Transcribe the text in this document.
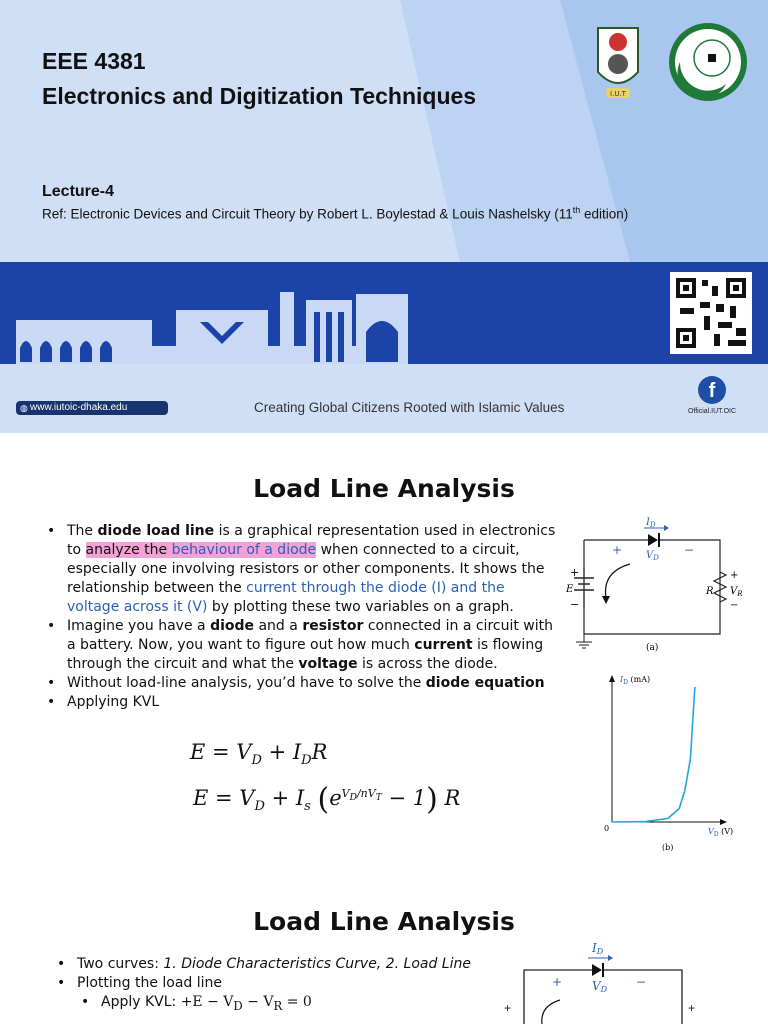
EEE 4381
Electronics and Digitization Techniques
Lecture-4
Ref: Electronic Devices and Circuit Theory by Robert L. Boylestad & Louis Nashelsky (11th edition)
I.U.T
◍ www.iutoic-dhaka.edu	Creating Global Citizens Rooted with Islamic Values
f
Official.IUT.OIC
Load Line Analysis
• The diode load line is a graphical representation used in electronics to analyze the behaviour of a diode when connected to a circuit, especially one involving resistors or other components. It shows the relationship between the current through the diode (I) and the voltage across it (V) by plotting these two variables on a graph.
• Imagine you have a diode and a resistor connected in a circuit with a battery. Now, you want to figure out how much current is flowing through the circuit and what the voltage is across the diode.
• Without load-line analysis, you’d have to solve the diode equation
• Applying KVL
$E = V_D + I_DR$
$E = V_D + I_s$ $(e^{V_D/nV_T} - 1)$ R
$I_D$
$V_D$
+	−
E
+
−
R
+
$V_R$
−
(a)
$I_D$ (mA)
$V_D$ (V)
0
(b)
Load Line Analysis
• Two curves: 1. Diode Characteristics Curve, 2. Load Line
• Plotting the load line
• Apply KVL: $+E - V_D - V_R = 0$
ID
VD
+	−
+	+
